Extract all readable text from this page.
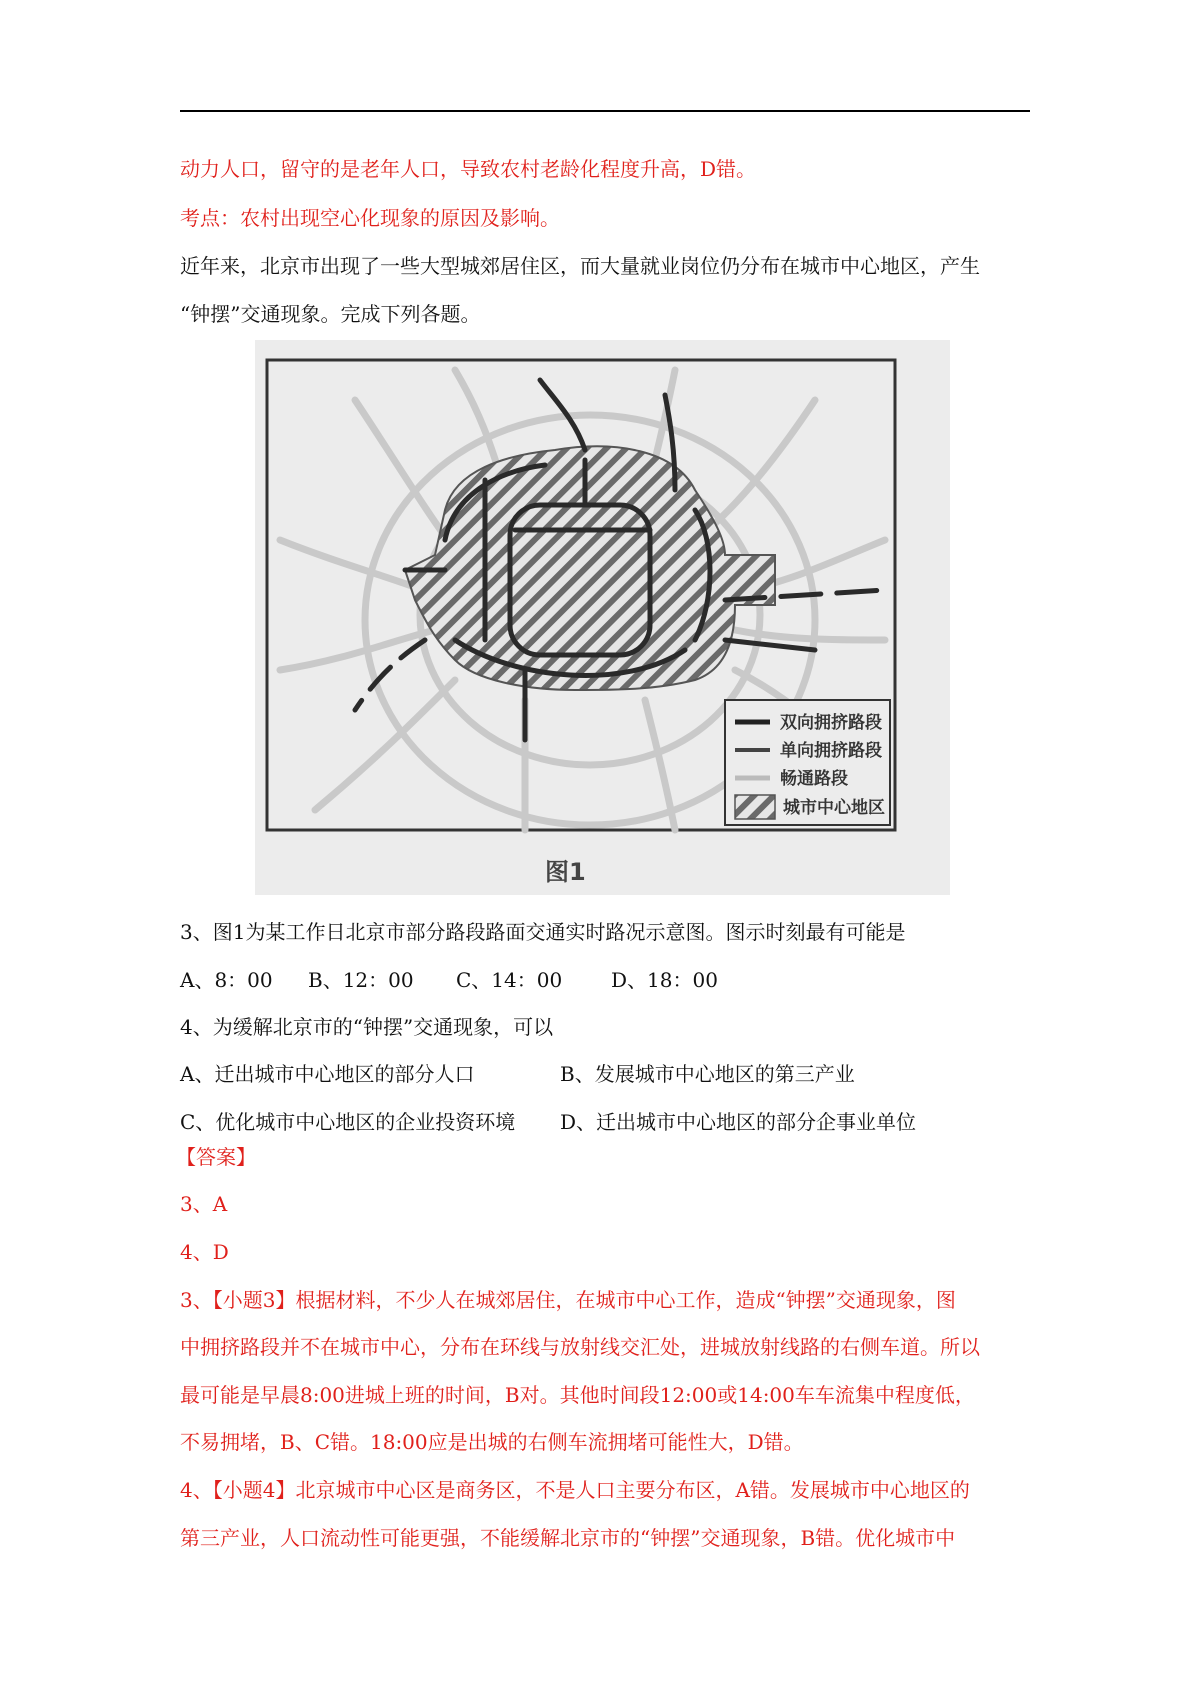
动力人口，留守的是老年人口，导致农村老龄化程度升高，D错。
考点：农村出现空心化现象的原因及影响。
近年来，北京市出现了一些大型城郊居住区，而大量就业岗位仍分布在城市中心地区，产生
“钟摆”交通现象。完成下列各题。
双向拥挤路段
单向拥挤路段
畅通路段
城市中心地区
图1
3、图1为某工作日北京市部分路段路面交通实时路况示意图。图示时刻最有可能是
A、8：00	B、12：00	C、14：00	D、18：00
4、为缓解北京市的“钟摆”交通现象，可以
A、迁出城市中心地区的部分人口	B、发展城市中心地区的第三产业
C、优化城市中心地区的企业投资环境	D、迁出城市中心地区的部分企事业单位
【答案】
3、A
4、D
3、【小题3】根据材料，不少人在城郊居住，在城市中心工作，造成“钟摆”交通现象，图
中拥挤路段并不在城市中心，分布在环线与放射线交汇处，进城放射线路的右侧车道。所以
最可能是早晨8:00进城上班的时间，B对。其他时间段12:00或14:00车车流集中程度低，
不易拥堵，B、C错。18:00应是出城的右侧车流拥堵可能性大，D错。
4、【小题4】北京城市中心区是商务区，不是人口主要分布区，A错。发展城市中心地区的
第三产业，人口流动性可能更强，不能缓解北京市的“钟摆”交通现象，B错。优化城市中
